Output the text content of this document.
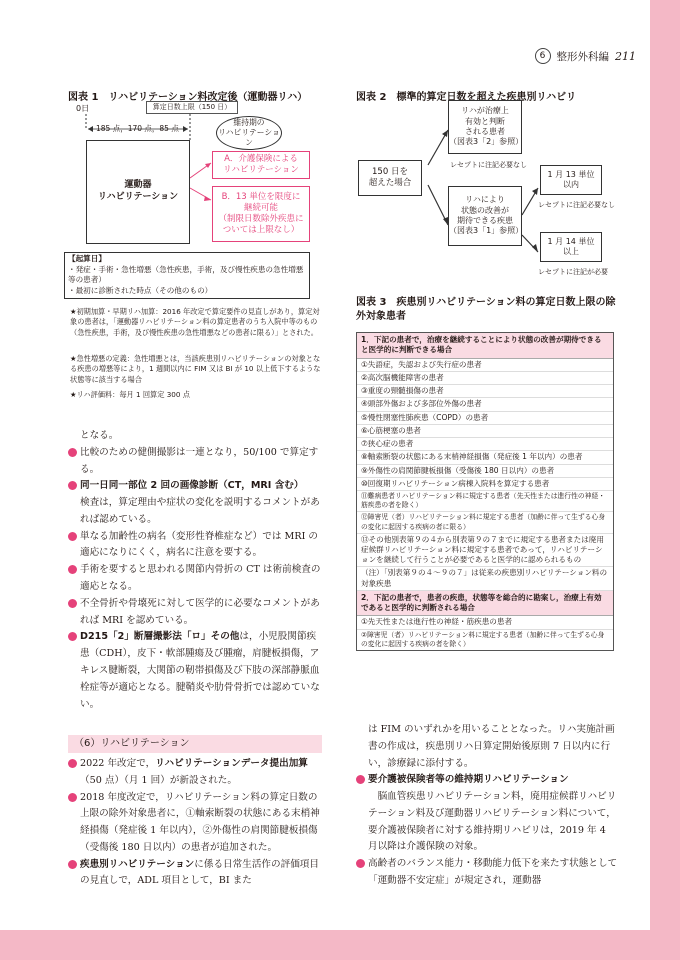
6	整形外科編 211
図表 1　リハビリテーション料改定後（運動器リハ）
0日	算定日数上限（150 日）
185 点，170 点，85 点
運動器
リハビリテーション
維持期の
リハビリテーション
A．介護保険による
リハビリテーション
B．13 単位を限度に
継続可能
（制限日数除外疾患に
ついては上限なし）
【起算日】
・発症・手術・急性増悪（急性疾患，手術，及び慢性疾患の急性増悪等の患者）
・最初に診断された時点（その他のもの）
★初期加算・早期リハ加算：2016 年改定で算定要件の見直しがあり，算定対象の患者は，「運動器リハビリテーション料の算定患者のうち入院中等のもの（急性疾患，手術，及び慢性疾患の急性増悪などの患者に限る）」とされた。
★急性増悪の定義：急性増悪とは，当該疾患別リハビリテーションの対象となる疾患の増悪等により，1 週間以内に FIM 又は BI が 10 以上低下するような状態等に該当する場合
★リハ評価料：毎月 1 回算定 300 点
図表 2　標準的算定日数を超えた疾患別リハビリ
150 日を
超えた場合
リハが治療上
有効と判断
される患者
（図表3「2」参照）
レセプトに注記必要なし
リハにより
状態の改善が
期待できる疾患
（図表3「1」参照）
1 月 13 単位
以内
レセプトに注記必要なし
1 月 14 単位
以上
レセプトに注記が必要
図表 3　疾患別リハビリテーション料の算定日数上限の除外対象患者
1．下記の患者で，治療を継続することにより状態の改善が期待できると医学的に判断できる場合
①失語症，失認および失行症の患者
②高次脳機能障害の患者
③重度の頸髄損傷の患者
④頭部外傷および多部位外傷の患者
⑤慢性閉塞性肺疾患（COPD）の患者
⑥心筋梗塞の患者
⑦狭心症の患者
⑧軸索断裂の状態にある末梢神経損傷（発症後 1 年以内）の患者
⑨外傷性の肩関節腱板損傷（受傷後 180 日以内）の患者
⑩回復期リハビリテーション病棟入院料を算定する患者
⑪難病患者リハビリテーション料に規定する患者（先天性または進行性の神経・筋疾患の者を除く）
⑫障害児（者）リハビリテーション料に規定する患者（加齢に伴って生ずる心身の変化に起因する疾病の者に限る）
⑬その他別表第９の４から別表第９の７までに規定する患者または廃用症候群リハビリテーション料に規定する患者であって，リハビリテーションを継続して行うことが必要であると医学的に認められるもの
（注）「別表第９の４～９の７」は従来の疾患別リハビリテーション料の対象疾患
2．下記の患者で，患者の疾患，状態等を総合的に勘案し，治療上有効であると医学的に判断される場合
①先天性または進行性の神経・筋疾患の患者
②障害児（者）リハビリテーション料に規定する患者（加齢に伴って生ずる心身の変化に起因する疾病の者を除く）
となる。
比較のための健側撮影は一連となり，50/100 で算定する。
同一日同一部位 2 回の画像診断（CT，MRI 含む）
検査は，算定理由や症状の変化を説明するコメントがあれば認めている。
単なる加齢性の病名（変形性脊椎症など）では MRI の適応になりにくく，病名に注意を要する。
手術を要すると思われる関節内骨折の CT は術前検査の適応となる。
不全骨折や骨壊死に対して医学的に必要なコメントがあれば MRI を認めている。
D215「2」断層撮影法「ロ」その他は，小児股関節疾患（CDH），皮下・軟部腫瘍及び腫瘤，肩腱板損傷，アキレス腱断裂，大関節の靭帯損傷及び下肢の深部静脈血栓症等が適応となる。腱鞘炎や肋骨骨折では認めていない。
（6）リハビリテーション
2022 年改定で，リハビリテーションデータ提出加算（50 点）（月 1 回）が新設された。
2018 年度改定で，リハビリテーション料の算定日数の上限の除外対象患者に，①軸索断裂の状態にある末梢神経損傷（発症後 1 年以内），②外傷性の肩関節腱板損傷（受傷後 180 日以内）の患者が追加された。
疾患別リハビリテーションに係る日常生活作の評価項目の見直しで，ADL 項目として，BI また
は FIM のいずれかを用いることとなった。リハ実施計画書の作成は，疾患別リハ日算定開始後原則 7 日以内に行い，診療録に添付する。
要介護被保険者等の維持期リハビリテーション
脳血管疾患リハビリテーション料，廃用症候群リハビリテーション料及び運動器リハビリテーション料について，要介護被保険者に対する維持期リハビリは，2019 年 4 月以降は介護保険の対象。
高齢者のバランス能力・移動能力低下を来たす状態として「運動器不安定症」が規定され，運動器
